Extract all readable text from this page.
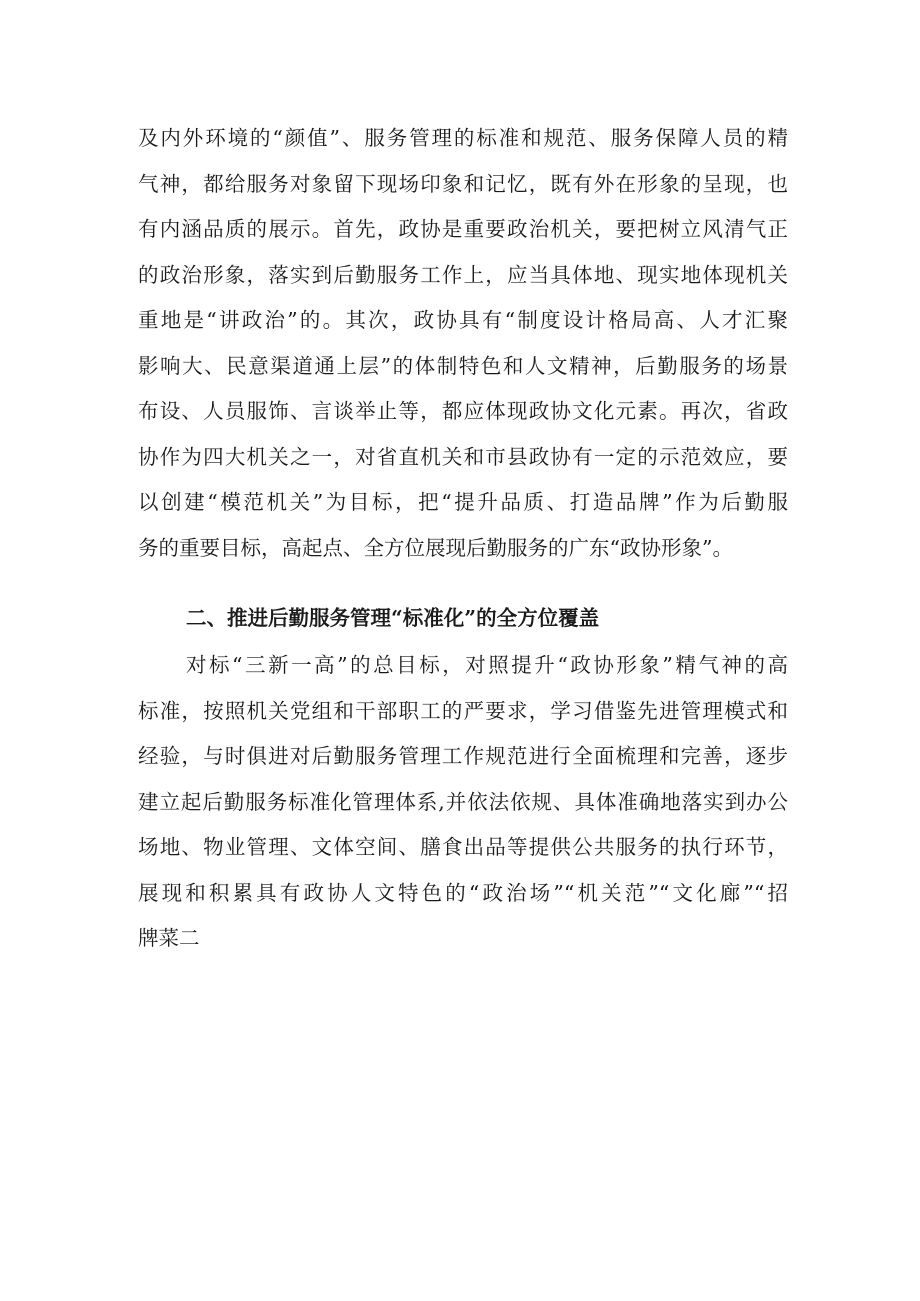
及内外环境的“颜值”、服务管理的标准和规范、服务保障人员的精
气神，都给服务对象留下现场印象和记忆，既有外在形象的呈现，也
有内涵品质的展示。首先，政协是重要政治机关，要把树立风清气正
的政治形象，落实到后勤服务工作上，应当具体地、现实地体现机关
重地是“讲政治”的。其次，政协具有“制度设计格局高、人才汇聚
影响大、民意渠道通上层”的体制特色和人文精神，后勤服务的场景
布设、人员服饰、言谈举止等，都应体现政协文化元素。再次，省政
协作为四大机关之一，对省直机关和市县政协有一定的示范效应，要
以创建“模范机关”为目标，把“提升品质、打造品牌”作为后勤服
务的重要目标，高起点、全方位展现后勤服务的广东“政协形象”。
二、推进后勤服务管理“标准化”的全方位覆盖
对标“三新一高”的总目标，对照提升“政协形象”精气神的高
标准，按照机关党组和干部职工的严要求，学习借鉴先进管理模式和
经验，与时俱进对后勤服务管理工作规范进行全面梳理和完善，逐步
建立起后勤服务标准化管理体系,并依法依规、具体准确地落实到办公
场地、物业管理、文体空间、膳食出品等提供公共服务的执行环节，
展现和积累具有政协人文特色的“政治场”“机关范”“文化廊”“招
牌菜二
